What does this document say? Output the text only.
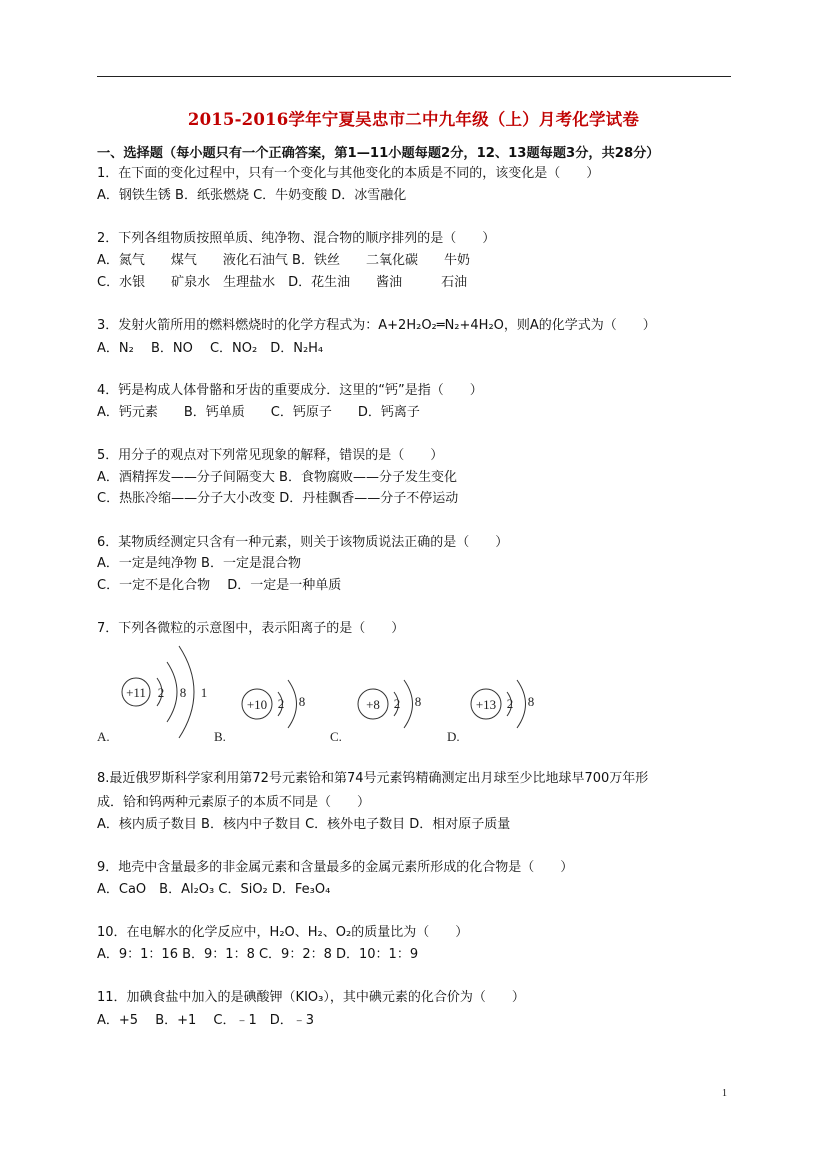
2015-2016学年宁夏吴忠市二中九年级（上）月考化学试卷
一、选择题（每小题只有一个正确答案，第1—11小题每题2分，12、13题每题3分，共28分）
1．在下面的变化过程中，只有一个变化与其他变化的本质是不同的，该变化是（　　）
A．钢铁生锈 B．纸张燃烧 C．牛奶变酸 D．冰雪融化
2．下列各组物质按照单质、纯净物、混合物的顺序排列的是（　　）
A．氮气　　煤气　　液化石油气 B．铁丝　　二氧化碳　　牛奶
C．水银　　矿泉水　生理盐水　D．花生油　　酱油　　　石油
3．发射火箭所用的燃料燃烧时的化学方程式为：A+2H₂O₂═N₂+4H₂O，则A的化学式为（　　）
A．N₂　 B．NO　 C．NO₂　D．N₂H₄
4．钙是构成人体骨骼和牙齿的重要成分．这里的“钙”是指（　　）
A．钙元素　　B．钙单质　　C．钙原子　　D．钙离子
5．用分子的观点对下列常见现象的解释，错误的是（　　）
A．酒精挥发——分子间隔变大 B．食物腐败——分子发生变化
C．热胀冷缩——分子大小改变 D．丹桂飘香——分子不停运动
6．某物质经测定只含有一种元素，则关于该物质说法正确的是（　　）
A．一定是纯净物 B．一定是混合物
C．一定不是化合物　 D．一定是一种单质
7．下列各微粒的示意图中，表示阳离子的是（　　）
+11 2 8 1
A.
+10 2 8
B.
+8 2 8
C.
+13 2 8
D.
8.最近俄罗斯科学家利用第72号元素铪和第74号元素钨精确测定出月球至少比地球早700万年形
成．铪和钨两种元素原子的本质不同是（　　）
A．核内质子数目 B．核内中子数目 C．核外电子数目 D．相对原子质量
9．地壳中含量最多的非金属元素和含量最多的金属元素所形成的化合物是（　　）
A．CaO　B．Al₂O₃ C．SiO₂ D．Fe₃O₄
10．在电解水的化学反应中，H₂O、H₂、O₂的质量比为（　　）
A．9：1：16 B．9：1：8 C．9：2：8 D．10：1：9
11．加碘食盐中加入的是碘酸钾（KIO₃），其中碘元素的化合价为（　　）
A．+5　 B．+1　 C．﹣1　D．﹣3
1
